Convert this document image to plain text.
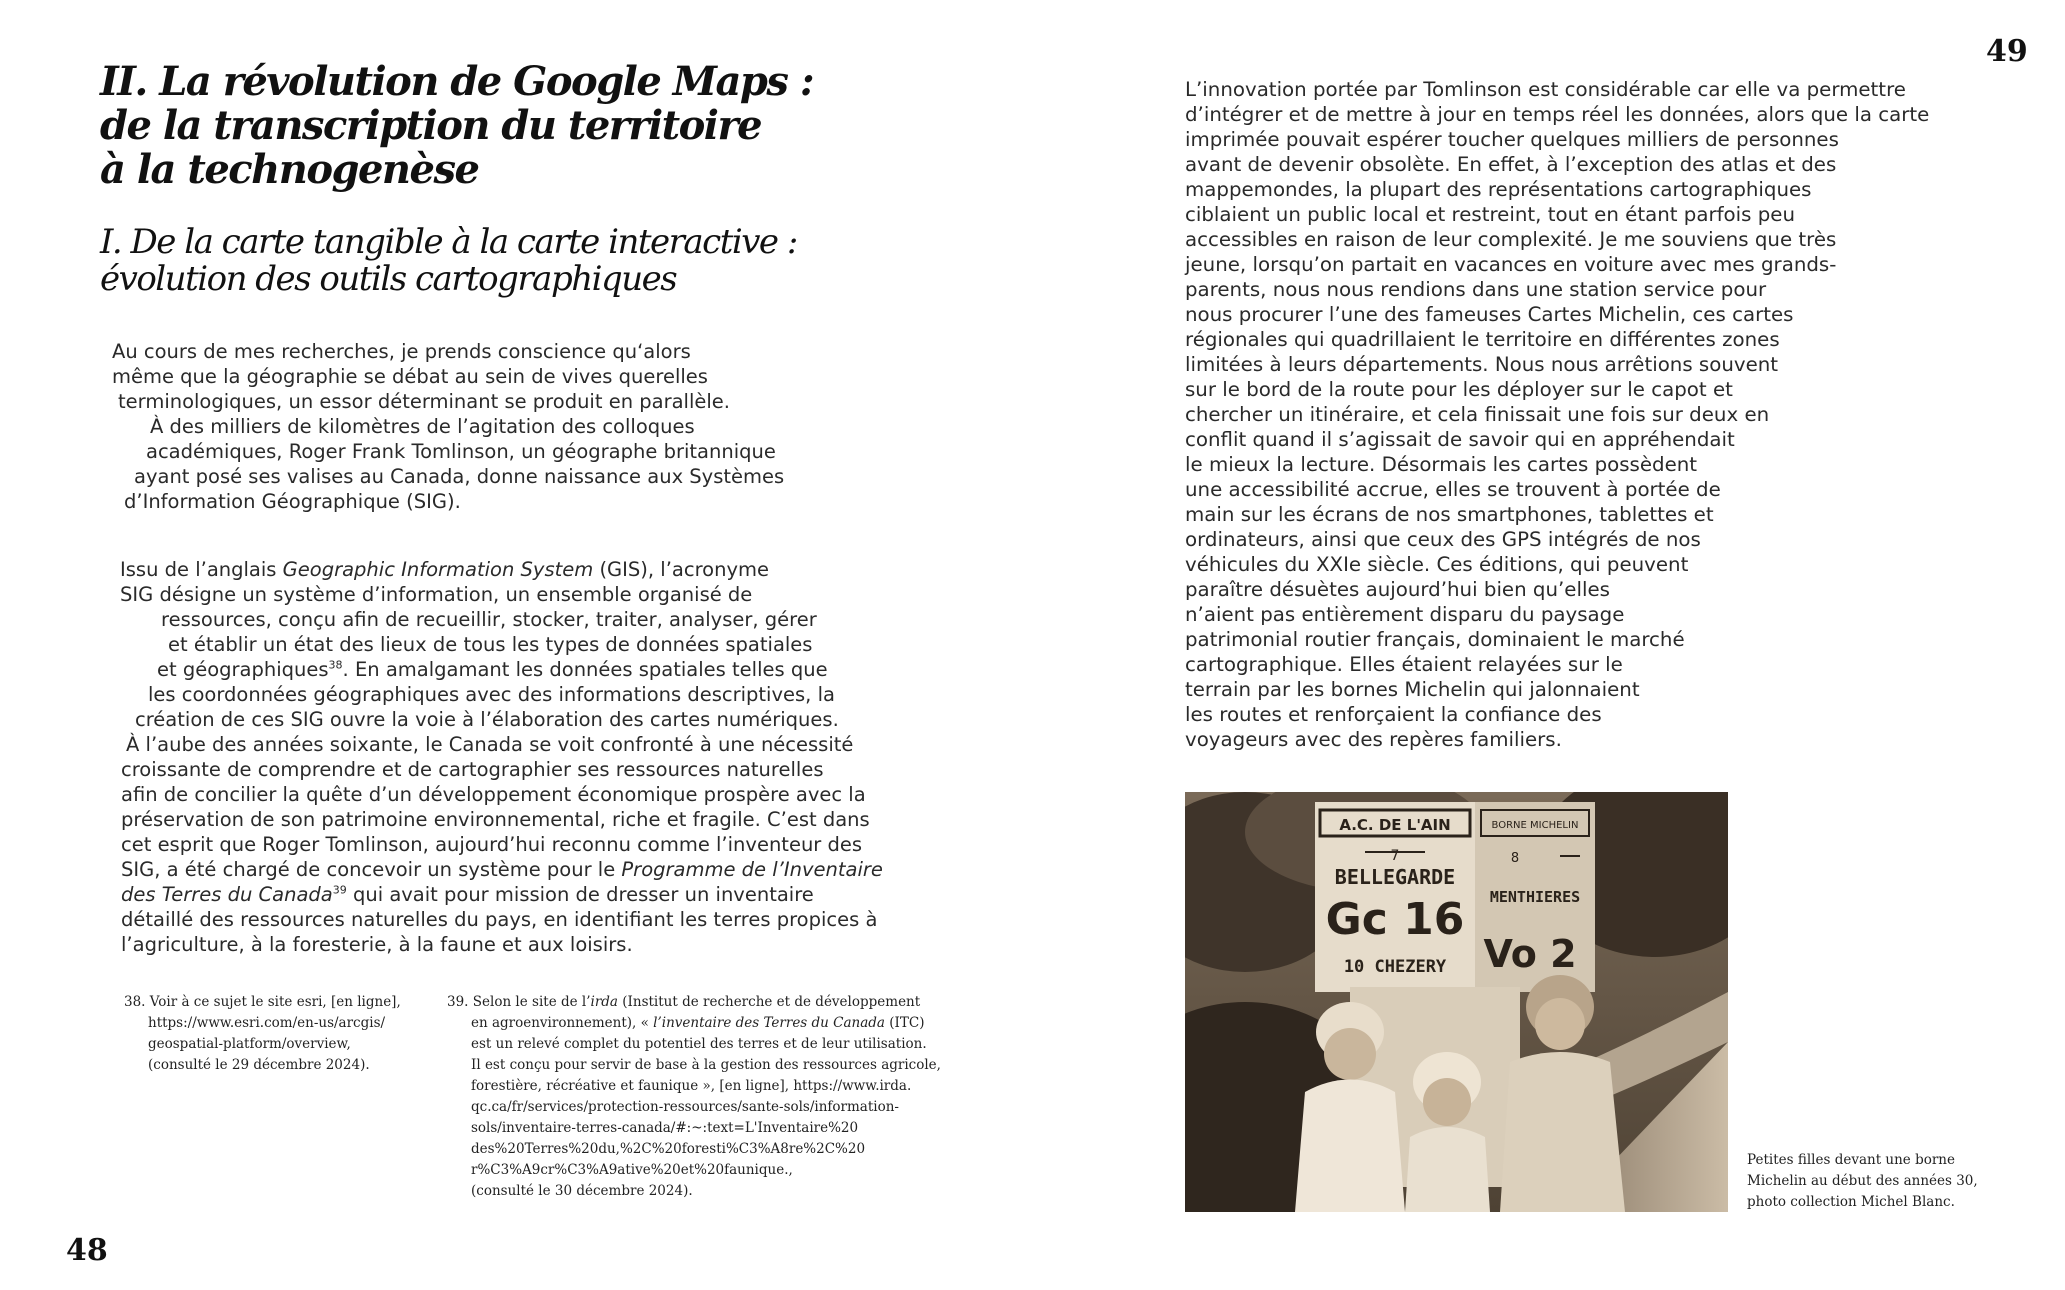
II. La révolution de Google Maps :
de la transcription du territoire
à la technogenèse
I. De la carte tangible à la carte interactive :
évolution des outils cartographiques
Au cours de mes recherches, je prends conscience qu‘alors
même que la géographie se débat au sein de vives querelles
terminologiques, un essor déterminant se produit en parallèle.
À des milliers de kilomètres de l’agitation des colloques
académiques, Roger Frank Tomlinson, un géographe britannique
ayant posé ses valises au Canada, donne naissance aux Systèmes
d’Information Géographique (SIG).
Issu de l’anglais Geographic Information System (GIS), l’acronyme
SIG désigne un système d’information, un ensemble organisé de
ressources, conçu afin de recueillir, stocker, traiter, analyser, gérer
et établir un état des lieux de tous les types de données spatiales
et géographiques$^{38}$. En amalgamant les données spatiales telles que
les coordonnées géographiques avec des informations descriptives, la
création de ces SIG ouvre la voie à l’élaboration des cartes numériques.
À l’aube des années soixante, le Canada se voit confronté à une nécessité
croissante de comprendre et de cartographier ses ressources naturelles
afin de concilier la quête d’un développement économique prospère avec la
préservation de son patrimoine environnemental, riche et fragile. C’est dans
cet esprit que Roger Tomlinson, aujourd’hui reconnu comme l’inventeur des
SIG, a été chargé de concevoir un système pour le Programme de l’Inventaire
des Terres du Canada$^{39}$ qui avait pour mission de dresser un inventaire
détaillé des ressources naturelles du pays, en identifiant les terres propices à
l’agriculture, à la foresterie, à la faune et aux loisirs.
38. Voir à ce sujet le site esri, [en ligne],
https://www.esri.com/en-us/arcgis/
geospatial-platform/overview,
(consulté le 29 décembre 2024).
39. Selon le site de l’irda (Institut de recherche et de développement
en agroenvironnement), « l’inventaire des Terres du Canada (ITC)
est un relevé complet du potentiel des terres et de leur utilisation.
Il est conçu pour servir de base à la gestion des ressources agricole,
forestière, récréative et faunique », [en ligne], https://www.irda.
qc.ca/fr/services/protection-ressources/sante-sols/information-
sols/inventaire-terres-canada/#:~:text=L'Inventaire%20
des%20Terres%20du,%2C%20foresti%C3%A8re%2C%20
r%C3%A9cr%C3%A9ative%20et%20faunique.,
(consulté le 30 décembre 2024).
48
49
L’innovation portée par Tomlinson est considérable car elle va permettre
d’intégrer et de mettre à jour en temps réel les données, alors que la carte
imprimée pouvait espérer toucher quelques milliers de personnes
avant de devenir obsolète. En effet, à l’exception des atlas et des
mappemondes, la plupart des représentations cartographiques
ciblaient un public local et restreint, tout en étant parfois peu
accessibles en raison de leur complexité. Je me souviens que très
jeune, lorsqu’on partait en vacances en voiture avec mes grands-
parents, nous nous rendions dans une station service pour
nous procurer l’une des fameuses Cartes Michelin, ces cartes
régionales qui quadrillaient le territoire en différentes zones
limitées à leurs départements. Nous nous arrêtions souvent
sur le bord de la route pour les déployer sur le capot et
chercher un itinéraire, et cela finissait une fois sur deux en
conflit quand il s’agissait de savoir qui en appréhendait
le mieux la lecture. Désormais les cartes possèdent
une accessibilité accrue, elles se trouvent à portée de
main sur les écrans de nos smartphones, tablettes et
ordinateurs, ainsi que ceux des GPS intégrés de nos
véhicules du XXIe siècle. Ces éditions, qui peuvent
paraître désuètes aujourd’hui bien qu’elles
n’aient pas entièrement disparu du paysage
patrimonial routier français, dominaient le marché
cartographique. Elles étaient relayées sur le
terrain par les bornes Michelin qui jalonnaient
les routes et renforçaient la confiance des
voyageurs avec des repères familiers.
A.C. DE L'AIN	BORNE MICHELIN
7
BELLEGARDE
Gc 16
10 CHEZERY
8
MENTHIERES
Vo 2
Petites filles devant une borne
Michelin au début des années 30,
photo collection Michel Blanc.
